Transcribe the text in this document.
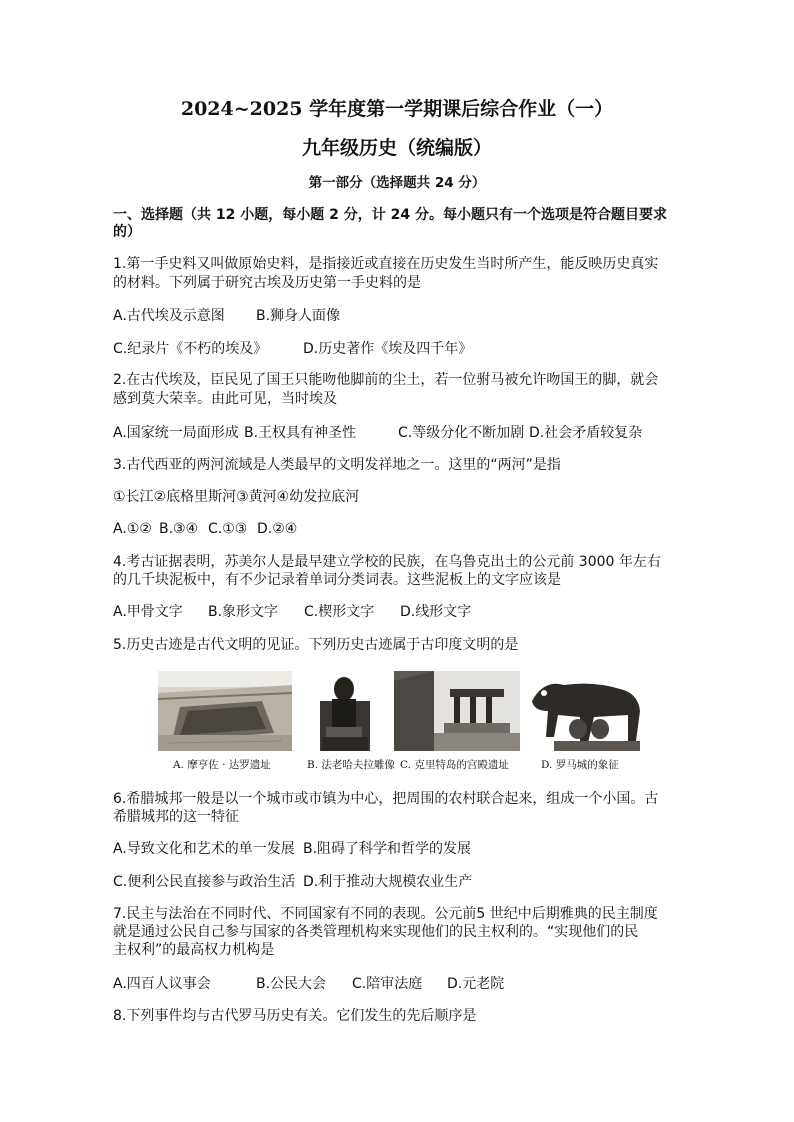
2024~2025 学年度第一学期课后综合作业（一）
九年级历史（统编版）
第一部分（选择题共 24 分）
一、选择题（共 12 小题，每小题 2 分，计 24 分。每小题只有一个选项是符合题目要求
的）
1.第一手史料又叫做原始史料，是指接近或直接在历史发生当时所产生，能反映历史真实
的材料。下列属于研究古埃及历史第一手史料的是
A.古代埃及示意图 B.狮身人面像
C.纪录片《不朽的埃及》	D.历史著作《埃及四千年》
2.在古代埃及，臣民见了国王只能吻他脚前的尘土，若一位驸马被允许吻国王的脚，就会
感到莫大荣幸。由此可见，当时埃及
A.国家统一局面形成 B.王权具有神圣性	C.等级分化不断加剧 D.社会矛盾较复杂
3.古代西亚的两河流域是人类最早的文明发祥地之一。这里的“两河”是指
①长江②底格里斯河③黄河④幼发拉底河
A.①② B.③④ C.①③ D.②④
4.考古证据表明，苏美尔人是最早建立学校的民族，在乌鲁克出土的公元前 3000 年左右
的几千块泥板中，有不少记录着单词分类词表。这些泥板上的文字应该是
A.甲骨文字 B.象形文字 C.楔形文字 D.线形文字
5.历史古迹是古代文明的见证。下列历史古迹属于古印度文明的是
A. 摩亨佐 · 达罗遗址	B. 法老哈夫拉雕像 C. 克里特岛的宫殿遗址	D. 罗马城的象征
6.希腊城邦一般是以一个城市或市镇为中心，把周围的农村联合起来，组成一个小国。古
希腊城邦的这一特征
A.导致文化和艺术的单一发展 B.阻碍了科学和哲学的发展
C.便利公民直接参与政治生活 D.利于推动大规模农业生产
7.民主与法治在不同时代、不同国家有不同的表现。公元前5 世纪中后期雅典的民主制度
就是通过公民自己参与国家的各类管理机构来实现他们的民主权利的。“实现他们的民
主权利”的最高权力机构是
A.四百人议事会	B.公民大会 C.陪审法庭 D.元老院
8.下列事件均与古代罗马历史有关。它们发生的先后顺序是
